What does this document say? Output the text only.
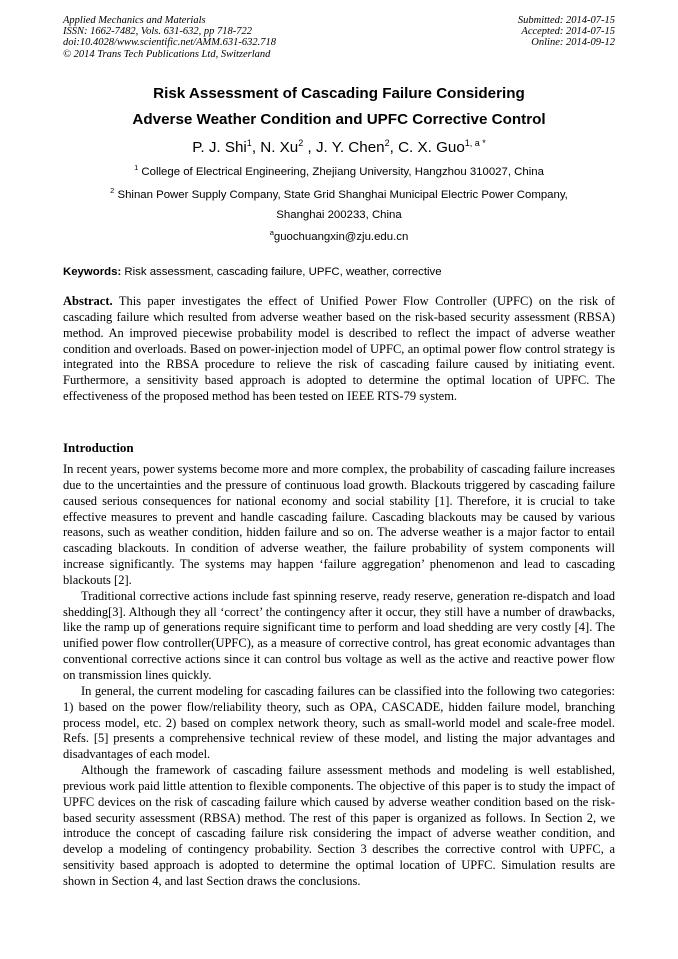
Applied Mechanics and Materials
ISSN: 1662-7482, Vols. 631-632, pp 718-722
doi:10.4028/www.scientific.net/AMM.631-632.718
© 2014 Trans Tech Publications Ltd, Switzerland
Submitted: 2014-07-15
Accepted: 2014-07-15
Online: 2014-09-12
Risk Assessment of Cascading Failure Considering
Adverse Weather Condition and UPFC Corrective Control
P. J. Shi$^1$, N. Xu$^2$ , J. Y. Chen$^2$, C. X. Guo$^{1, a *}$
$^1$ College of Electrical Engineering, Zhejiang University, Hangzhou 310027, China
$^2$ Shinan Power Supply Company, State Grid Shanghai Municipal Electric Power Company,
Shanghai 200233, China
$^a$guochuangxin@zju.edu.cn
Keywords: Risk assessment, cascading failure, UPFC, weather, corrective

Abstract. This paper investigates the effect of Unified Power Flow Controller (UPFC) on the risk of cascading failure which resulted from adverse weather based on the risk-based security assessment (RBSA) method. An improved piecewise probability model is described to reflect the impact of adverse weather condition and overloads. Based on power-injection model of UPFC, an optimal power flow control strategy is integrated into the RBSA procedure to relieve the risk of cascading failure caused by initiating event. Furthermore, a sensitivity based approach is adopted to determine the optimal location of UPFC. The effectiveness of the proposed method has been tested on IEEE RTS-79 system.

Introduction

In recent years, power systems become more and more complex, the probability of cascading failure increases due to the uncertainties and the pressure of continuous load growth. Blackouts triggered by cascading failure caused serious consequences for national economy and social stability [1]. Therefore, it is crucial to take effective measures to prevent and handle cascading failure. Cascading blackouts may be caused by various reasons, such as weather condition, hidden failure and so on. The adverse weather is a major factor to entail cascading blackouts. In condition of adverse weather, the failure probability of system components will increase significantly. The systems may happen ‘failure aggregation’ phenomenon and lead to cascading blackouts [2].

Traditional corrective actions include fast spinning reserve, ready reserve, generation re-dispatch and load shedding[3]. Although they all ‘correct’ the contingency after it occur, they still have a number of drawbacks, like the ramp up of generations require significant time to perform and load shedding are very costly [4]. The unified power flow controller(UPFC), as a measure of corrective control, has great economic advantages than conventional corrective actions since it can control bus voltage as well as the active and reactive power flow on transmission lines quickly.

In general, the current modeling for cascading failures can be classified into the following two categories: 1) based on the power flow/reliability theory, such as OPA, CASCADE, hidden failure model, branching process model, etc. 2) based on complex network theory, such as small-world model and scale-free model. Refs. [5] presents a comprehensive technical review of these model, and listing the major advantages and disadvantages of each model.

Although the framework of cascading failure assessment methods and modeling is well established, previous work paid little attention to flexible components. The objective of this paper is to study the impact of UPFC devices on the risk of cascading failure which caused by adverse weather condition based on the risk-based security assessment (RBSA) method. The rest of this paper is organized as follows. In Section 2, we introduce the concept of cascading failure risk considering the impact of adverse weather condition, and develop a modeling of contingency probability. Section 3 describes the corrective control with UPFC, a sensitivity based approach is adopted to determine the optimal location of UPFC. Simulation results are shown in Section 4, and last Section draws the conclusions.
